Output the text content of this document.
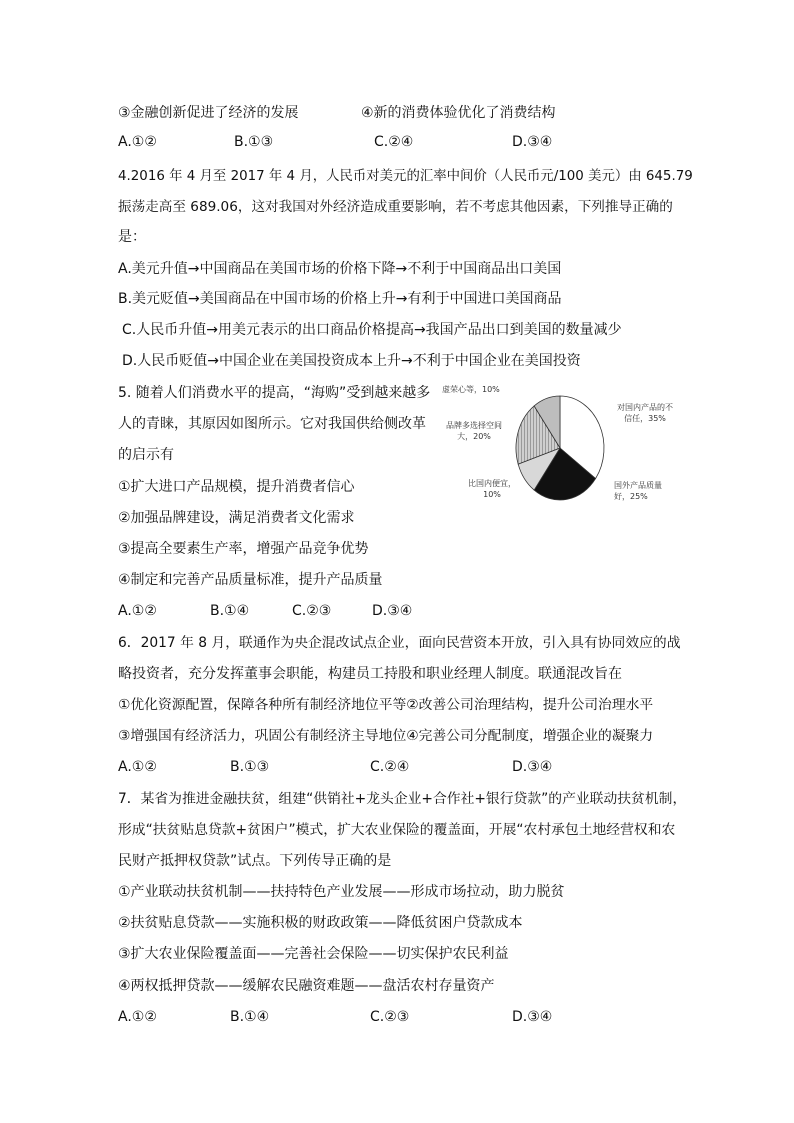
③金融创新促进了经济的发展	④新的消费体验优化了消费结构
A.①②	B.①③	C.②④	D.③④
4.2016 年 4 月至 2017 年 4 月，人民币对美元的汇率中间价（人民币元/100 美元）由 645.79
振荡走高至 689.06，这对我国对外经济造成重要影响，若不考虑其他因素，下列推导正确的
是：
A.美元升值→中国商品在美国市场的价格下降→不利于中国商品出口美国
B.美元贬值→美国商品在中国市场的价格上升→有利于中国进口美国商品
C.人民币升值→用美元表示的出口商品价格提高→我国产品出口到美国的数量减少
D.人民币贬值→中国企业在美国投资成本上升→不利于中国企业在美国投资
5. 随着人们消费水平的提高，“海购”受到越来越多
人的青睐，其原因如图所示。它对我国供给侧改革
的启示有
①扩大进口产品规模，提升消费者信心
②加强品牌建设，满足消费者文化需求
③提高全要素生产率，增强产品竞争优势
④制定和完善产品质量标准，提升产品质量
A.①②	B.①④	C.②③	D.③④
对国内产品的不信任，35%
国外产品质量好，25%
比国内便宜，10%
品牌多选择空间大，20%
虚荣心等，10%
6．2017 年 8 月，联通作为央企混改试点企业，面向民营资本开放，引入具有协同效应的战
略投资者，充分发挥董事会职能，构建员工持股和职业经理人制度。联通混改旨在
①优化资源配置，保障各种所有制经济地位平等②改善公司治理结构，提升公司治理水平
③增强国有经济活力，巩固公有制经济主导地位④完善公司分配制度，增强企业的凝聚力
A.①②	B.①③	C.②④	D.③④
7．某省为推进金融扶贫，组建“供销社+龙头企业+合作社+银行贷款”的产业联动扶贫机制，
形成“扶贫贴息贷款+贫困户”模式，扩大农业保险的覆盖面，开展“农村承包土地经营权和农
民财产抵押权贷款”试点。下列传导正确的是
①产业联动扶贫机制——扶持特色产业发展——形成市场拉动，助力脱贫
②扶贫贴息贷款——实施积极的财政政策——降低贫困户贷款成本
③扩大农业保险覆盖面——完善社会保险——切实保护农民利益
④两权抵押贷款——缓解农民融资难题——盘活农村存量资产
A.①②	B.①④	C.②③	D.③④
